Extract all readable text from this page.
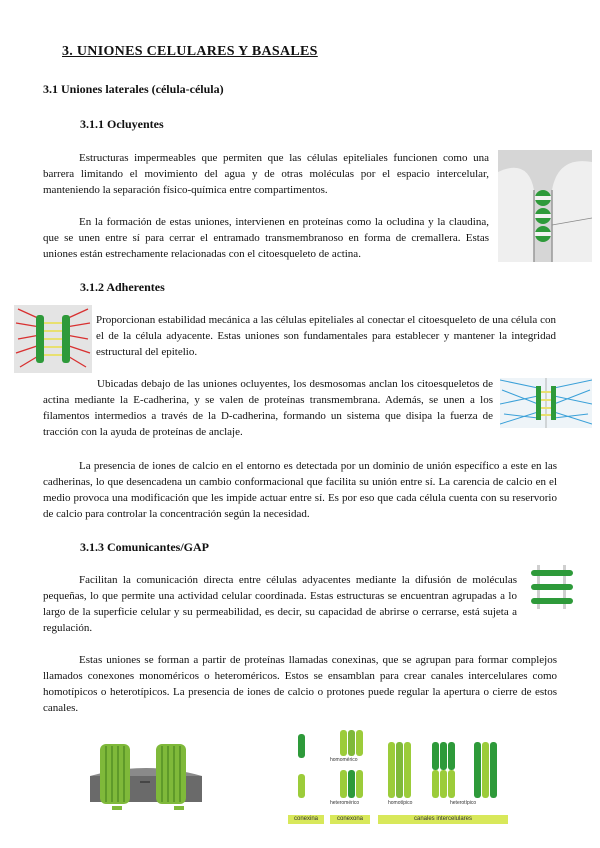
3. UNIONES CELULARES Y BASALES
3.1 Uniones laterales (célula-célula)
3.1.1 Ocluyentes

Estructuras impermeables que permiten que las células epiteliales funcionen como una barrera limitando el movimiento del agua y de otras moléculas por el espacio intercelular, manteniendo la separación físico-química entre compartimentos.

En la formación de estas uniones, intervienen en proteínas como la ocludina y la claudina, que se unen entre sí para cerrar el entramado transmembranoso en forma de cremallera. Estas uniones están estrechamente relacionadas con el citoesqueleto de actina.

3.1.2 Adherentes

Proporcionan estabilidad mecánica a las células epiteliales al conectar el citoesqueleto de una célula con el de la célula adyacente. Estas uniones son fundamentales para establecer y mantener la integridad estructural del epitelio.

Ubicadas debajo de las uniones ocluyentes, los desmosomas anclan los citoesqueletos de actina mediante la E-cadherina, y se valen de proteínas transmembrana. Además, se unen a los filamentos intermedios a través de la D-cadherina, formando un sistema que disipa la fuerza de tracción con la ayuda de proteínas de anclaje.

La presencia de iones de calcio en el entorno es detectada por un dominio de unión específico a este en las cadherinas, lo que desencadena un cambio conformacional que facilita su unión entre sí. La carencia de calcio en el medio provoca una modificación que les impide actuar entre sí. Es por eso que cada célula cuenta con su reservorio de calcio para controlar la concentración según la necesidad.

3.1.3 Comunicantes/GAP

Facilitan la comunicación directa entre células adyacentes mediante la difusión de moléculas pequeñas, lo que permite una actividad celular coordinada. Estas estructuras se encuentran agrupadas a lo largo de la superficie celular y su permeabilidad, es decir, su capacidad de abrirse o cerrarse, está sujeta a regulación.

Estas uniones se forman a partir de proteínas llamadas conexinas, que se agrupan para formar complejos llamados conexones monoméricos o heteroméricos. Estos se ensamblan para crear canales intercelulares como homotípicos o heterotípicos. La presencia de iones de calcio o protones puede regular la apertura o cierre de estos canales.

homomérico
heteromérico	homotípico	heterotípico
conexina	conexona	canales intercelulares
